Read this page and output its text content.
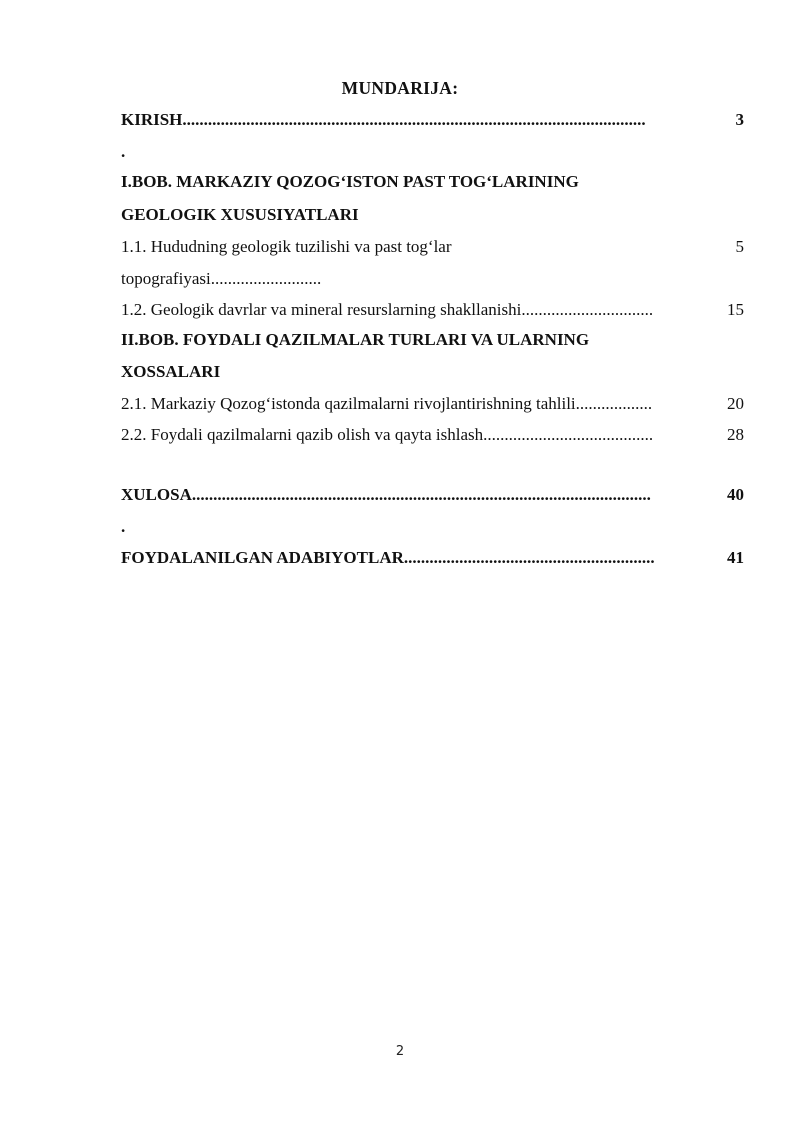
MUNDARIJA:
KIRISH.............................................................................................................	3
.
I.BOB. MARKAZIY QOZOG‘ISTON PAST TOG‘LARINING
GEOLOGIK XUSUSIYATLARI
1.1. Hududning geologik tuzilishi va past tog‘lar	5
topografiyasi..........................
1.2. Geologik davrlar va mineral resurslarning shakllanishi...............................	15
II.BOB. FOYDALI QAZILMALAR TURLARI VA ULARNING
XOSSALARI
2.1. Markaziy Qozog‘istonda qazilmalarni rivojlantirishning tahlili..................	20
2.2. Foydali qazilmalarni qazib olish va qayta ishlash........................................	28
XULOSA............................................................................................................	40
.
FOYDALANILGAN ADABIYOTLAR...........................................................	41
2
